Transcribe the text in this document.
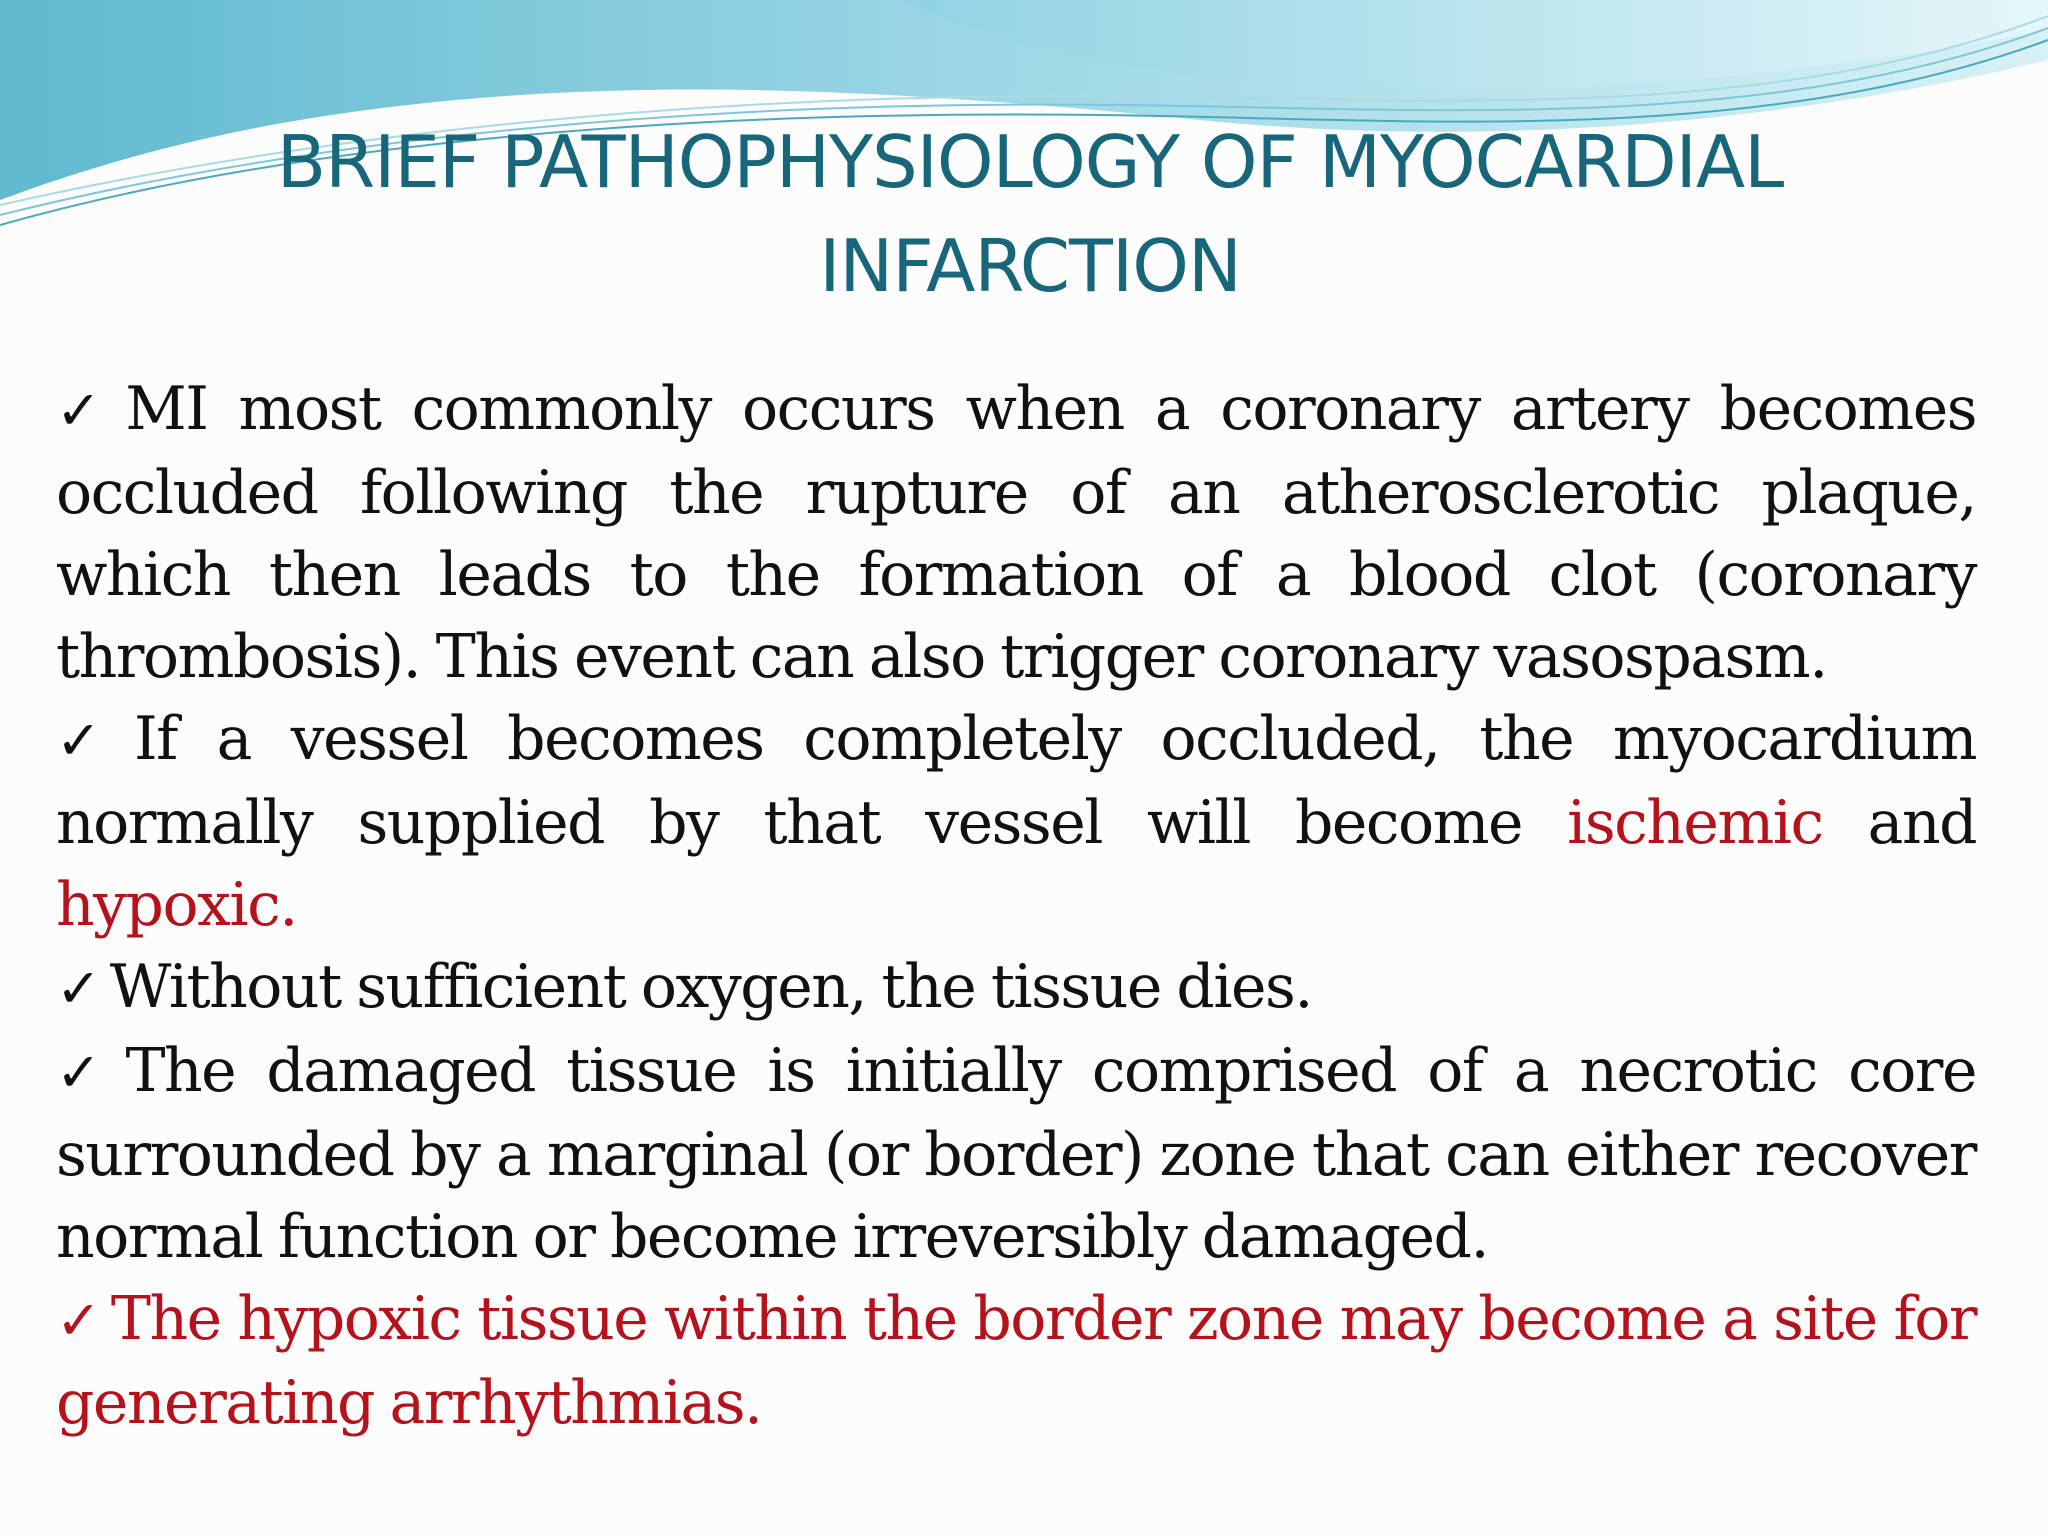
BRIEF PATHOPHYSIOLOGY OF MYOCARDIAL
INFARCTION

✓ MI most commonly occurs when a coronary artery becomes occluded following the rupture of an atherosclerotic plaque, which then leads to the formation of a blood clot (coronary thrombosis). This event can also trigger coronary vasospasm.

✓ If a vessel becomes completely occluded, the myocardium normally supplied by that vessel will become ischemic and hypoxic.

✓ Without sufficient oxygen, the tissue dies.

✓ The damaged tissue is initially comprised of a necrotic core surrounded by a marginal (or border) zone that can either recover normal function or become irreversibly damaged.

✓ The hypoxic tissue within the border zone may become a site for generating arrhythmias.
